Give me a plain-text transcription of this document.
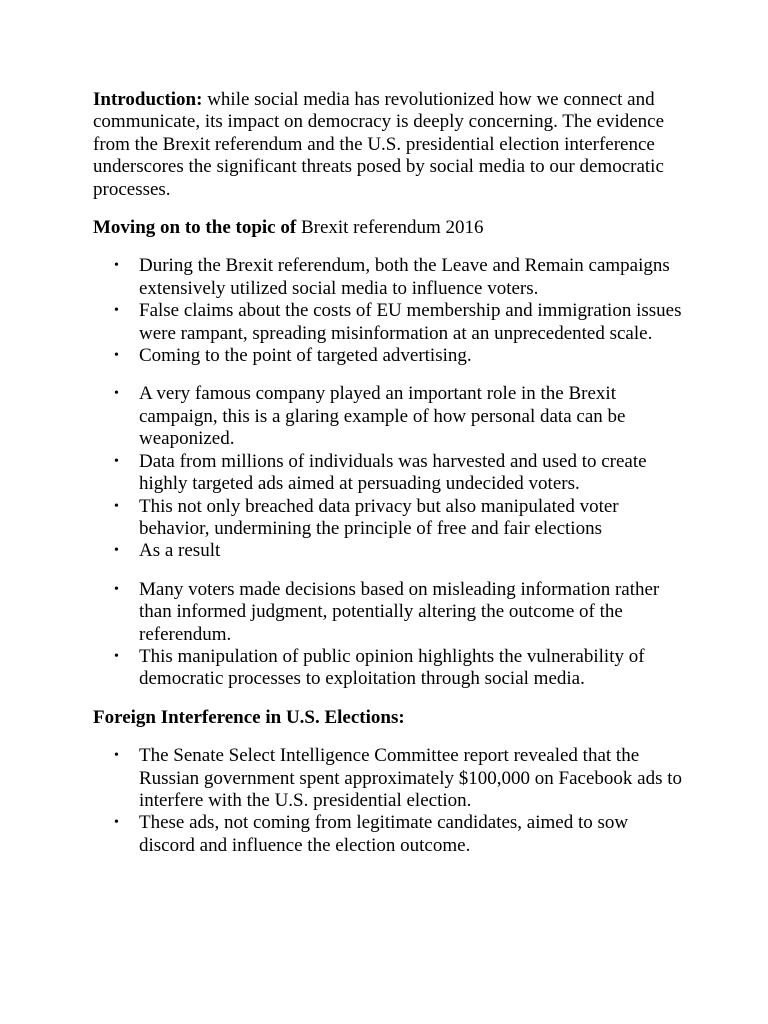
Introduction: while social media has revolutionized how we connect and communicate, its impact on democracy is deeply concerning. The evidence from the Brexit referendum and the U.S. presidential election interference underscores the significant threats posed by social media to our democratic processes.

Moving on to the topic of Brexit referendum 2016

• During the Brexit referendum, both the Leave and Remain campaigns extensively utilized social media to influence voters.
• False claims about the costs of EU membership and immigration issues were rampant, spreading misinformation at an unprecedented scale.
• Coming to the point of targeted advertising.
• A very famous company played an important role in the Brexit campaign, this is a glaring example of how personal data can be weaponized.
• Data from millions of individuals was harvested and used to create highly targeted ads aimed at persuading undecided voters.
• This not only breached data privacy but also manipulated voter behavior, undermining the principle of free and fair elections
• As a result
• Many voters made decisions based on misleading information rather than informed judgment, potentially altering the outcome of the referendum.
• This manipulation of public opinion highlights the vulnerability of democratic processes to exploitation through social media.

Foreign Interference in U.S. Elections:

• The Senate Select Intelligence Committee report revealed that the Russian government spent approximately $100,000 on Facebook ads to interfere with the U.S. presidential election.
• These ads, not coming from legitimate candidates, aimed to sow discord and influence the election outcome.
